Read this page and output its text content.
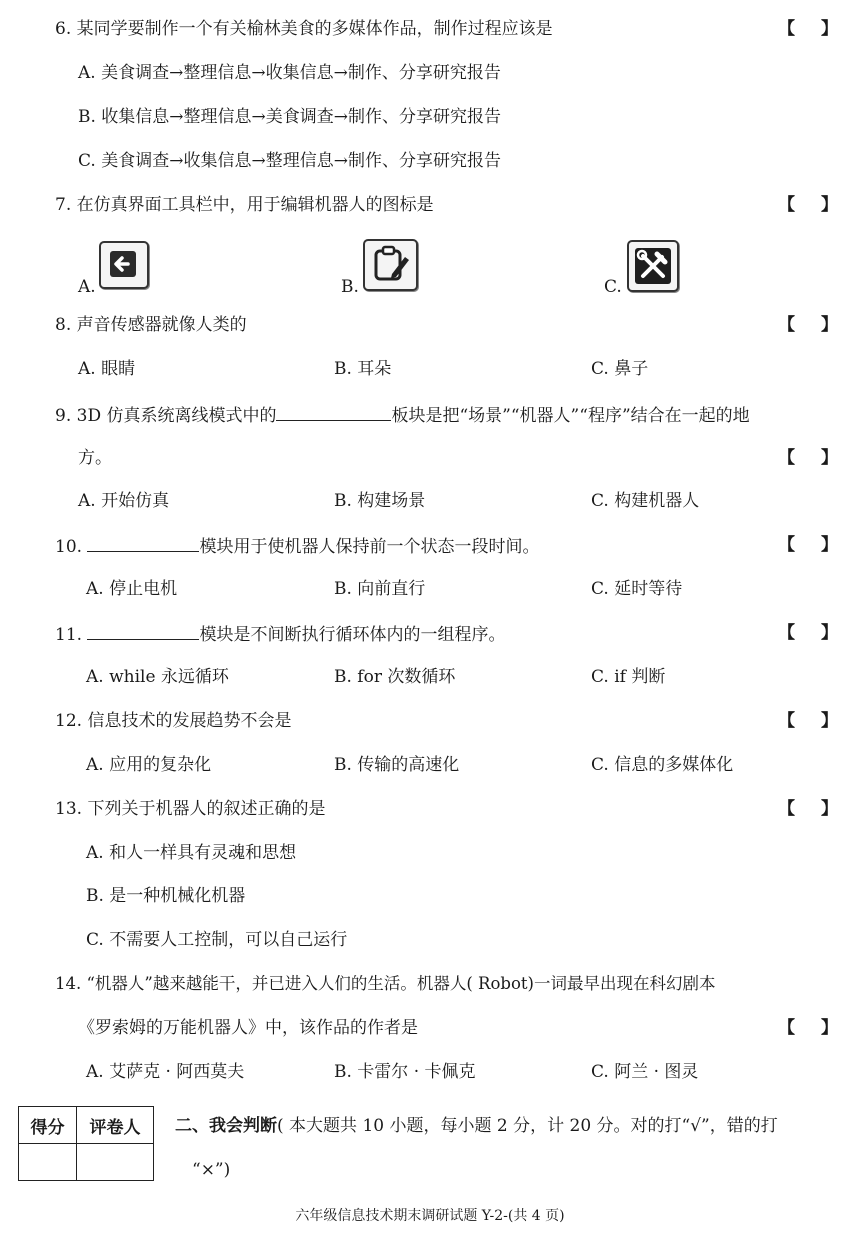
6. 某同学要制作一个有关榆林美食的多媒体作品，制作过程应该是	【 】
A. 美食调查→整理信息→收集信息→制作、分享研究报告
B. 收集信息→整理信息→美食调查→制作、分享研究报告
C. 美食调查→收集信息→整理信息→制作、分享研究报告
7. 在仿真界面工具栏中，用于编辑机器人的图标是	【 】
A.	B.	C.
8. 声音传感器就像人类的	【 】
A. 眼睛	B. 耳朵	C. 鼻子
9. 3D 仿真系统离线模式中的	板块是把“场景”“机器人”“程序”结合在一起的地
方。	【 】
A. 开始仿真	B. 构建场景	C. 构建机器人
10.	模块用于使机器人保持前一个状态一段时间。	【 】
A. 停止电机	B. 向前直行	C. 延时等待
11.	模块是不间断执行循环体内的一组程序。	【 】
A. while 永远循环	B. for 次数循环	C. if 判断
12. 信息技术的发展趋势不会是	【 】
A. 应用的复杂化	B. 传输的高速化	C. 信息的多媒体化
13. 下列关于机器人的叙述正确的是	【 】
A. 和人一样具有灵魂和思想
B. 是一种机械化机器
C. 不需要人工控制，可以自己运行
14. “机器人”越来越能干，并已进入人们的生活。机器人( Robot)一词最早出现在科幻剧本
《罗索姆的万能机器人》中，该作品的作者是	【 】
A. 艾萨克 · 阿西莫夫	B. 卡雷尔 · 卡佩克	C. 阿兰 · 图灵
得分	评卷人
	二、我会判断( 本大题共 10 小题，每小题 2 分，计 20 分。对的打“√”，错的打
“×”)
六年级信息技术期末调研试题 Y-2-(共 4 页)
